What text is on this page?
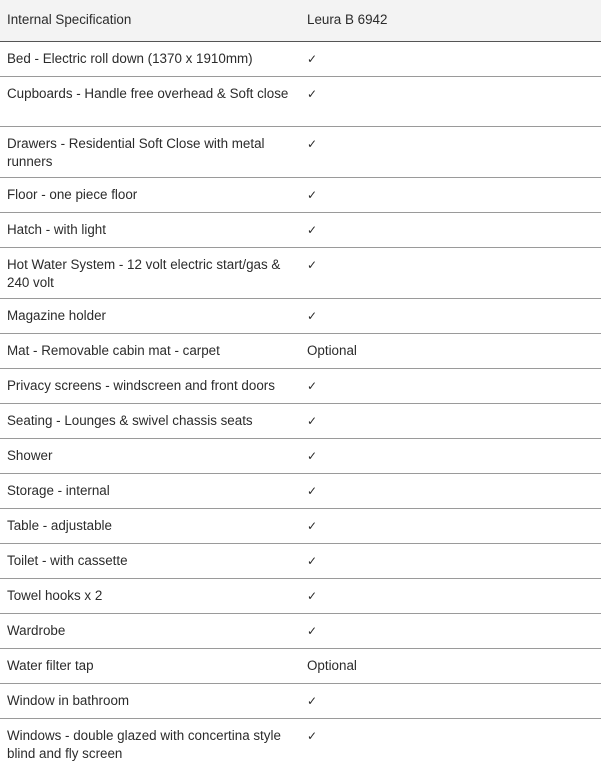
Internal Specification	Leura B 6942
Bed - Electric roll down (1370 x 1910mm)	✓
Cupboards - Handle free overhead & Soft close	✓
Drawers - Residential Soft Close with metal runners	✓
Floor - one piece floor	✓
Hatch - with light	✓
Hot Water System - 12 volt electric start/gas & 240 volt	✓
Magazine holder	✓
Mat - Removable cabin mat - carpet	Optional
Privacy screens - windscreen and front doors	✓
Seating - Lounges & swivel chassis seats	✓
Shower	✓
Storage - internal	✓
Table - adjustable	✓
Toilet - with cassette	✓
Towel hooks x 2	✓
Wardrobe	✓
Water filter tap	Optional
Window in bathroom	✓
Windows - double glazed with concertina style blind and fly screen	✓
